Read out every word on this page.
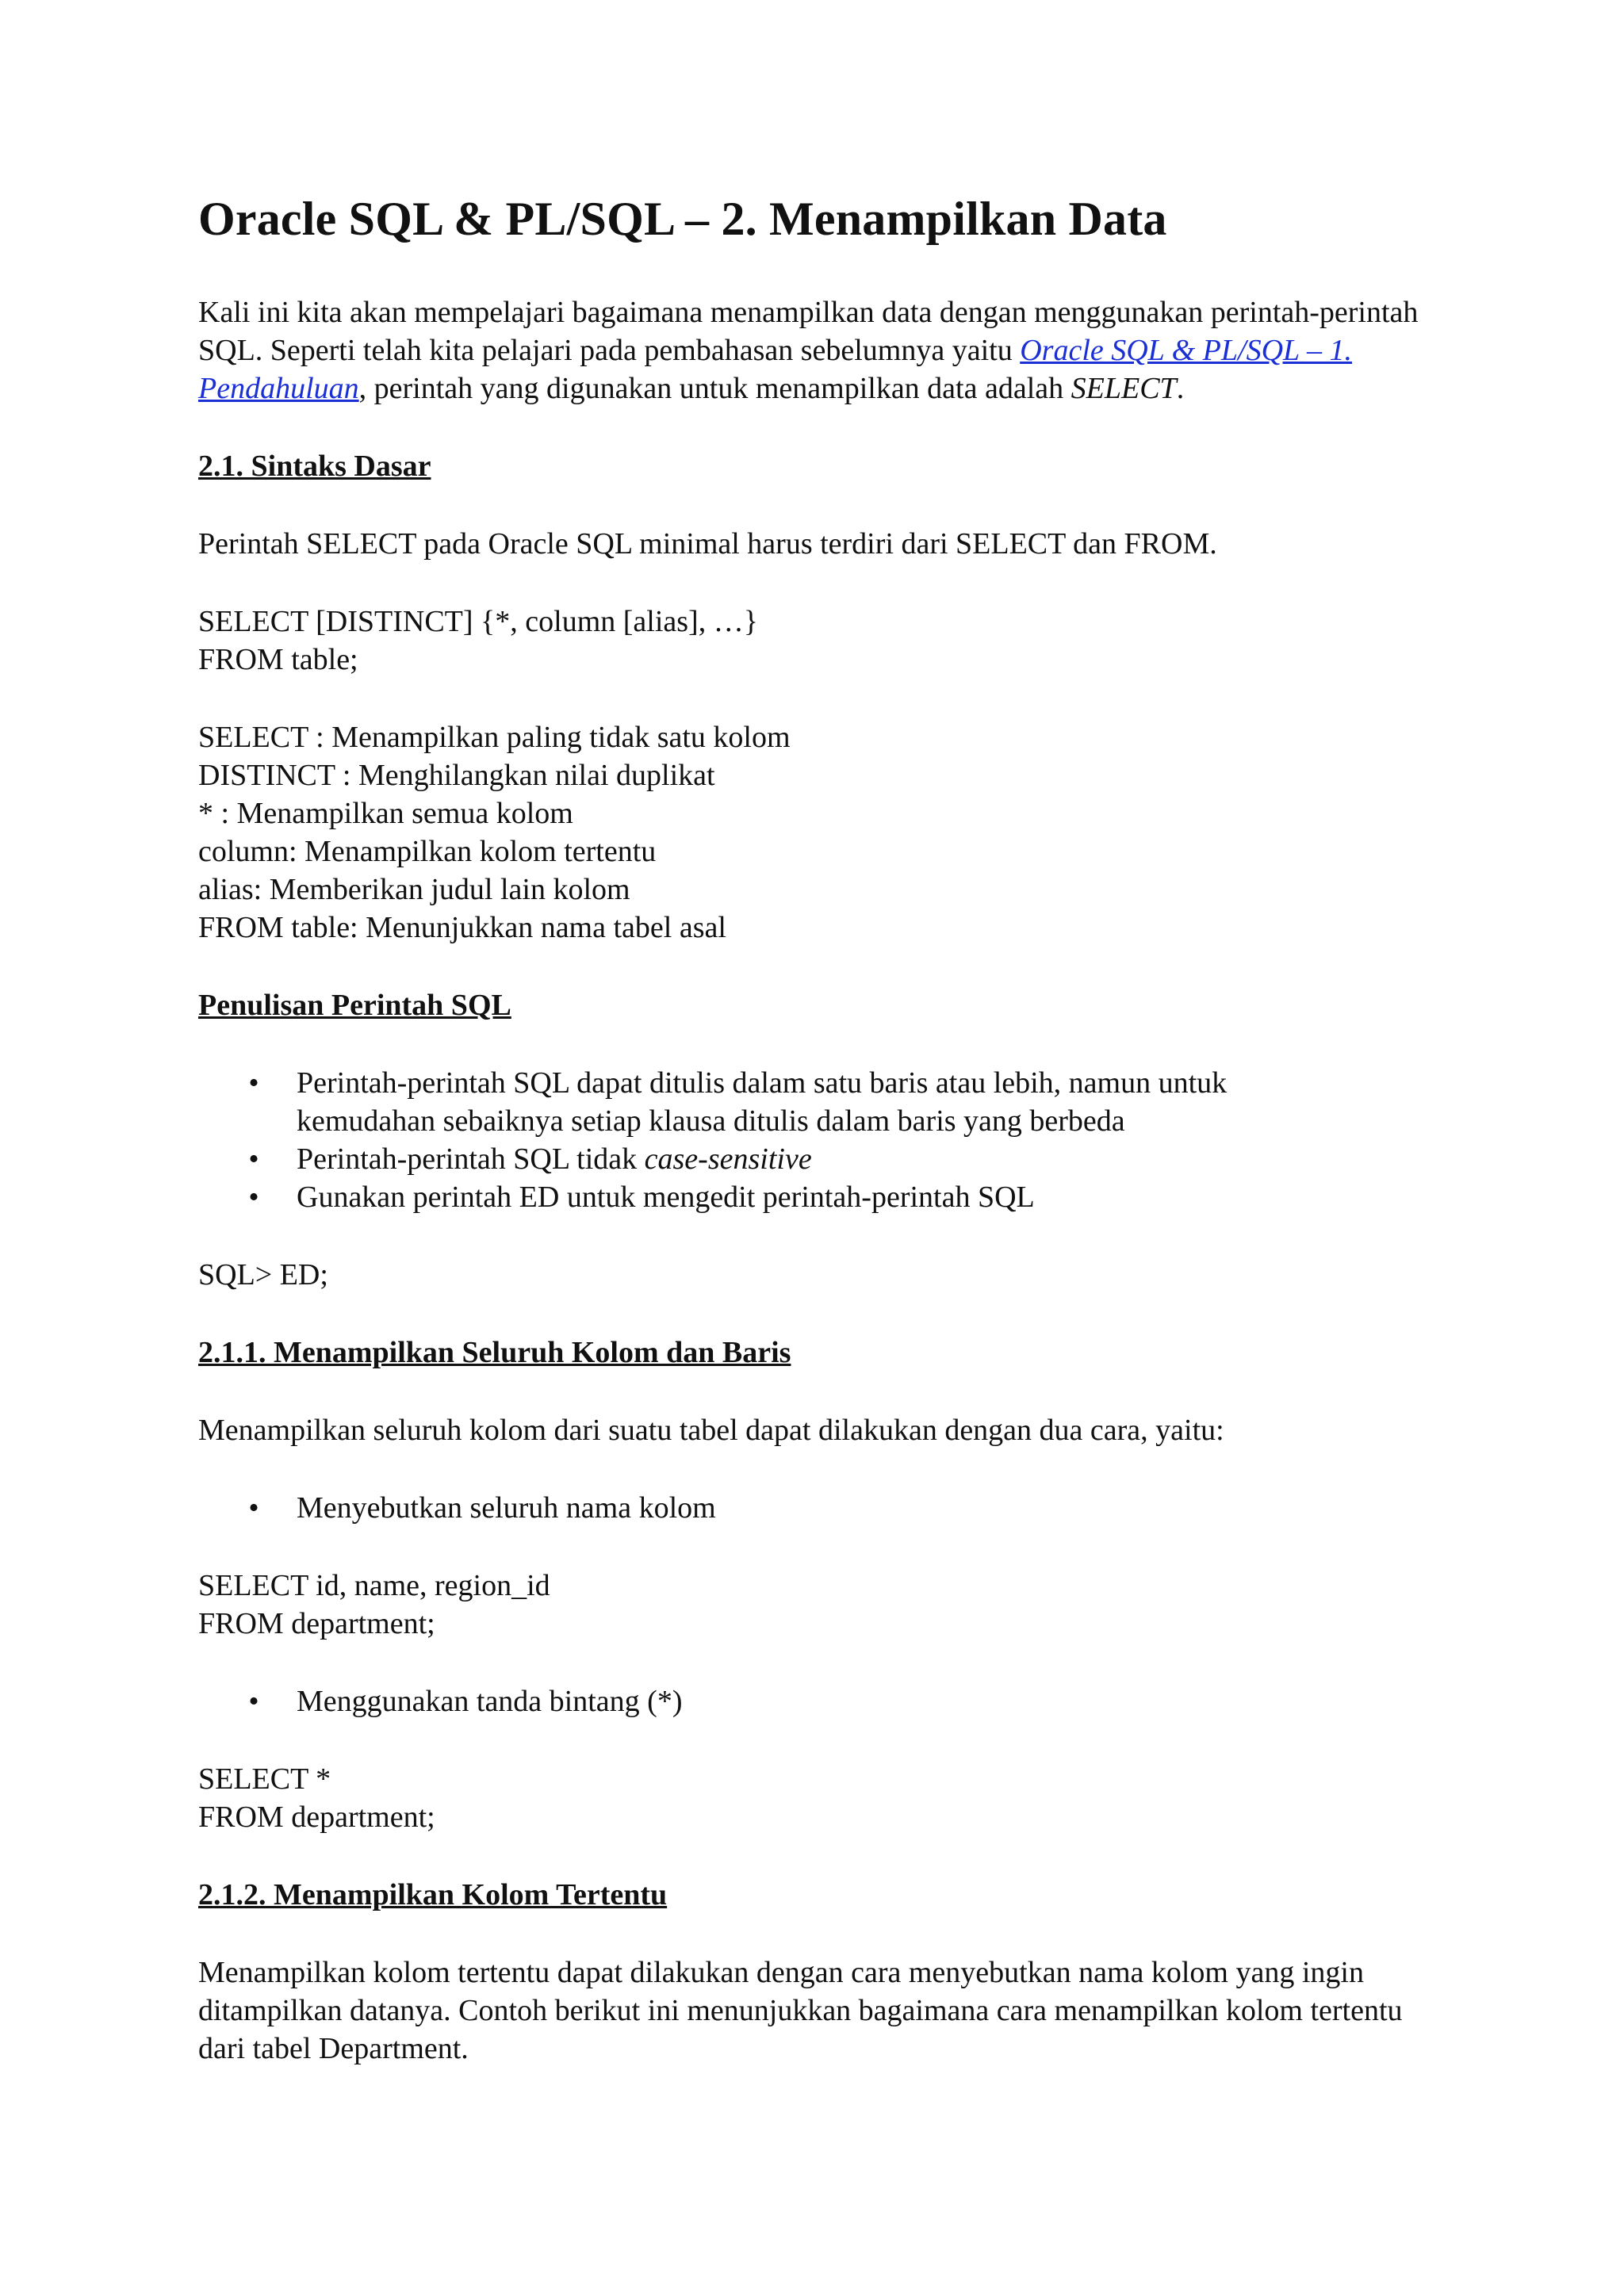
Oracle SQL & PL/SQL – 2. Menampilkan Data

Kali ini kita akan mempelajari bagaimana menampilkan data dengan menggunakan perintah-perintah SQL. Seperti telah kita pelajari pada pembahasan sebelumnya yaitu Oracle SQL & PL/SQL – 1. Pendahuluan, perintah yang digunakan untuk menampilkan data adalah SELECT.

2.1. Sintaks Dasar

Perintah SELECT pada Oracle SQL minimal harus terdiri dari SELECT dan FROM.

SELECT [DISTINCT] {*, column [alias], …}

FROM table;

SELECT : Menampilkan paling tidak satu kolom

DISTINCT : Menghilangkan nilai duplikat

* : Menampilkan semua kolom

column: Menampilkan kolom tertentu

alias: Memberikan judul lain kolom

FROM table: Menunjukkan nama tabel asal

Penulisan Perintah SQL

• Perintah-perintah SQL dapat ditulis dalam satu baris atau lebih, namun untuk kemudahan sebaiknya setiap klausa ditulis dalam baris yang berbeda
• Perintah-perintah SQL tidak case-sensitive
• Gunakan perintah ED untuk mengedit perintah-perintah SQL

SQL> ED;

2.1.1. Menampilkan Seluruh Kolom dan Baris

Menampilkan seluruh kolom dari suatu tabel dapat dilakukan dengan dua cara, yaitu:

• Menyebutkan seluruh nama kolom

SELECT id, name, region_id

FROM department;

• Menggunakan tanda bintang (*)

SELECT *

FROM department;

2.1.2. Menampilkan Kolom Tertentu

Menampilkan kolom tertentu dapat dilakukan dengan cara menyebutkan nama kolom yang ingin ditampilkan datanya. Contoh berikut ini menunjukkan bagaimana cara menampilkan kolom tertentu dari tabel Department.
